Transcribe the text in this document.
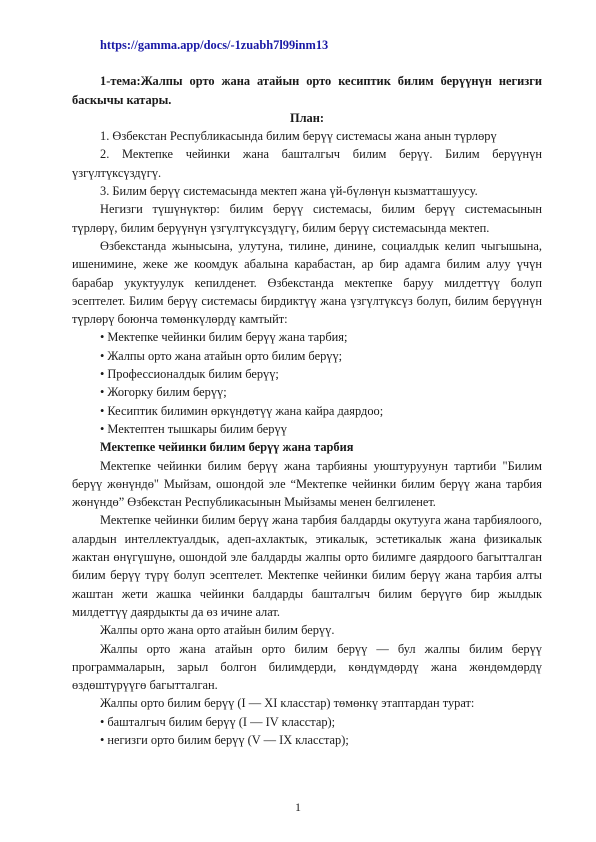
https://gamma.app/docs/-1zuabh7l99inm13

1-тема:Жалпы орто жана атайын орто кесиптик билим берүүнүн негизги баскычы катары.

План:

1. Өзбекстан Республикасында билим берүү системасы жана анын түрлөрү

2. Мектепке чейинки жана башталгыч билим берүү. Билим берүүнүн үзгүлтүксүздүгү.

3. Билим берүү системасында мектеп жана үй-бүлөнүн кызматташуусу.

Негизги түшүнүктөр: билим берүү системасы, билим берүү системасынын түрлөрү, билим берүүнүн үзгүлтүксүздүгү, билим берүү системасында мектеп.

Өзбекстанда жынысына, улутуна, тилине, динине, социалдык келип чыгышына, ишенимине, жеке же коомдук абалына карабастан, ар бир адамга билим алуу үчүн барабар укуктуулук кепилденет. Өзбекстанда мектепке баруу милдеттүү болуп эсептелет. Билим берүү системасы бирдиктүү жана үзгүлтүксүз болуп, билим берүүнүн түрлөрү боюнча төмөнкүлөрдү камтыйт:

• Мектепке чейинки билим берүү жана тарбия;

• Жалпы орто жана атайын орто билим берүү;

• Профессионалдык билим берүү;

• Жогорку билим берүү;

• Кесиптик билимин өркүндөтүү жана кайра даярдоо;

• Мектептен тышкары билим берүү

Мектепке чейинки билим берүү жана тарбия

Мектепке чейинки билим берүү жана тарбияны уюштуруунун тартиби "Билим берүү жөнүндө" Мыйзам, ошондой эле “Мектепке чейинки билим берүү жана тарбия жөнүндө” Өзбекстан Республикасынын Мыйзамы менен белгиленет.

Мектепке чейинки билим берүү жана тарбия балдарды окутууга жана тарбиялоого, алардын интеллектуалдык, адеп-ахлактык, этикалык, эстетикалык жана физикалык жактан өнүгүшүнө, ошондой эле балдарды жалпы орто билимге даярдоого багытталган билим берүү түрү болуп эсептелет. Мектепке чейинки билим берүү жана тарбия алты жаштан жети жашка чейинки балдарды башталгыч билим берүүгө бир жылдык милдеттүү даярдыкты да өз ичине алат.

Жалпы орто жана орто атайын билим берүү.

Жалпы орто жана атайын орто билим берүү — бул жалпы билим берүү программаларын, зарыл болгон билимдерди, көндүмдөрдү жана жөндөмдөрдү өздөштүрүүгө багытталган.

Жалпы орто билим берүү (I — XI класстар) төмөнкү этаптардан турат:

• башталгыч билим берүү (I — IV класстар);

• негизги орто билим берүү (V — IX класстар);

1
